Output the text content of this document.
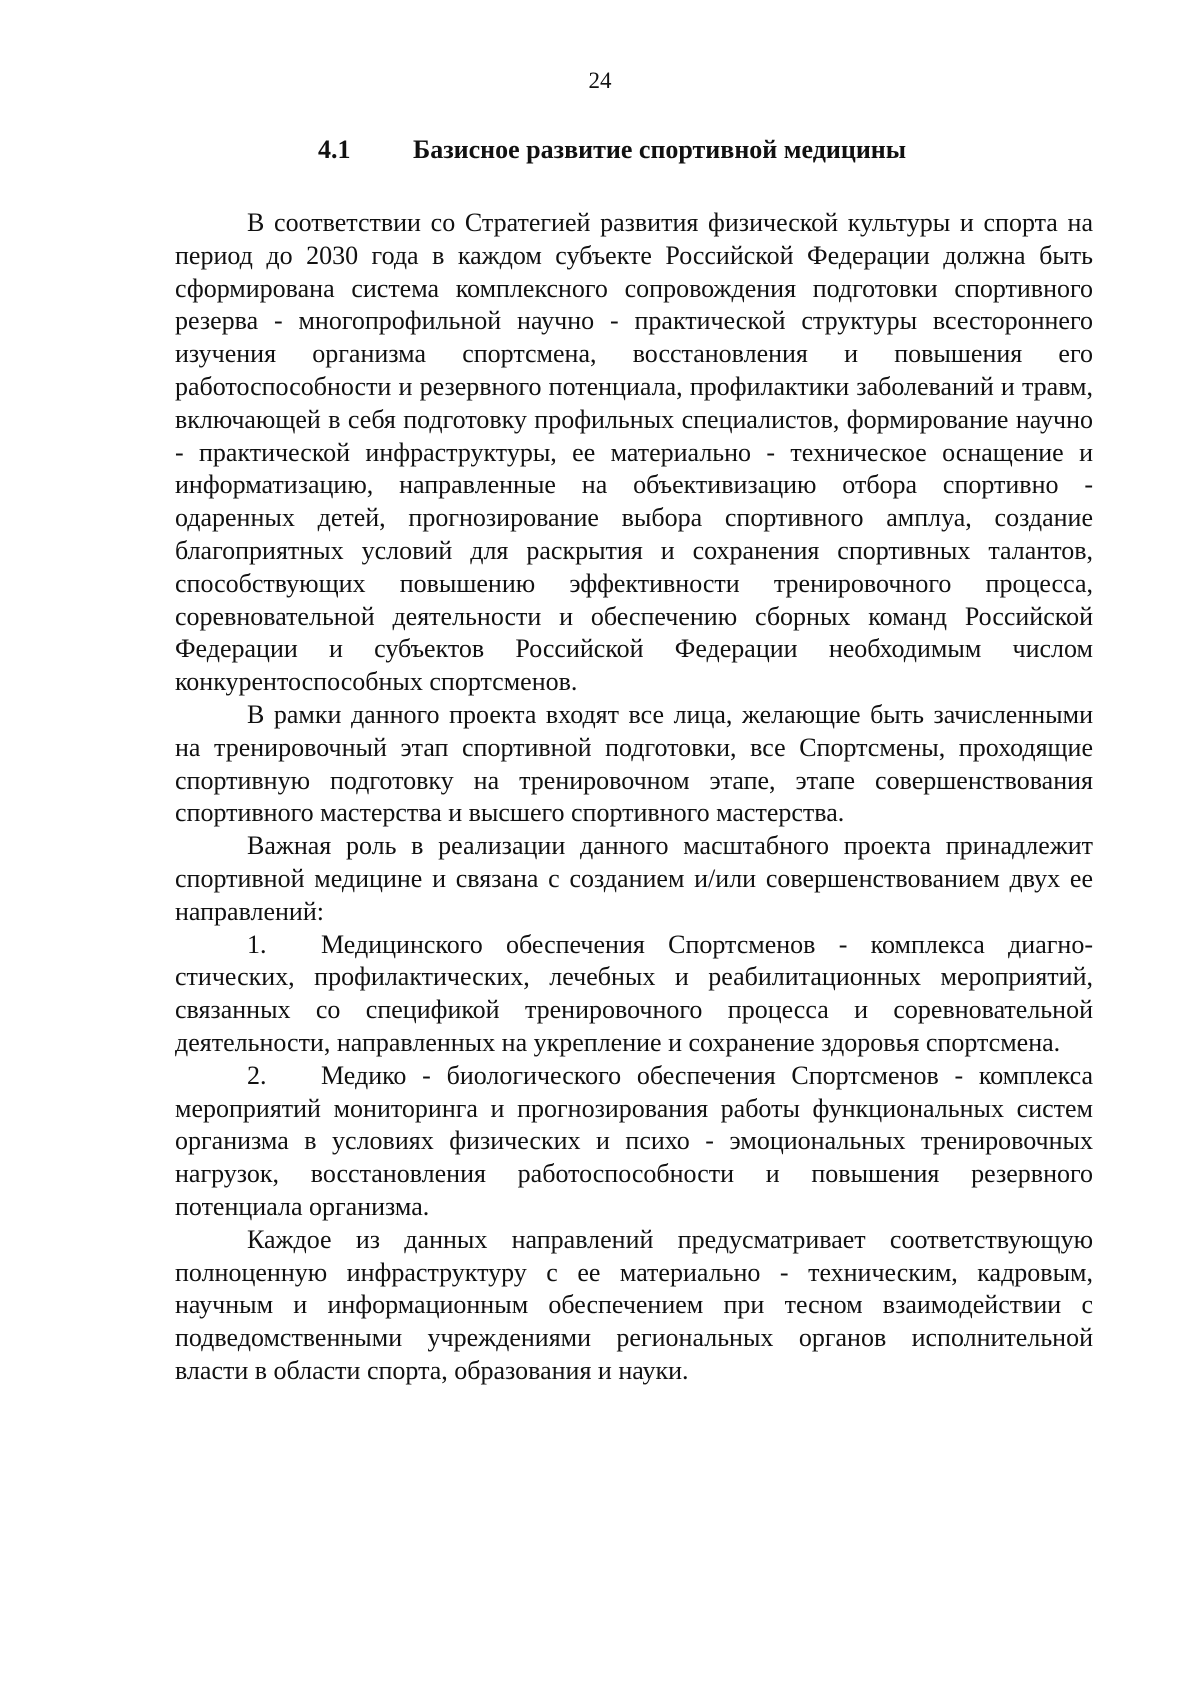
24
4.1 Базисное развитие спортивной медицины

В соответствии со Стратегией развития физической культуры и спорта на период до 2030 года в каждом субъекте Российской Федерации должна быть сформирована система комплексного сопровождения подготовки спортивного резерва - многопрофильной научно - практической структуры всестороннего изучения организма спортсмена, восстановления и повышения его работоспособности и резервного потенциала, профилактики заболеваний и травм, включающей в себя подготовку профильных специалистов, формирование научно - практической инфраструктуры, ее материально - техническое оснащение и информатизацию, направленные на объективизацию отбора спортивно - одаренных детей, прогнозирование выбора спортивного амплуа, создание благоприятных условий для раскрытия и сохранения спортивных талантов, способствующих повышению эффективности тренировочного процесса, соревновательной деятельности и обеспечению сборных команд Российской Федерации и субъектов Российской Федерации необходимым числом конкурентоспособных спортсменов.

В рамки данного проекта входят все лица, желающие быть зачисленными на тренировочный этап спортивной подготовки, все Спортсмены, проходящие спортивную подготовку на тренировочном этапе, этапе совершенствования спортивного мастерства и высшего спортивного мастерства.

Важная роль в реализации данного масштабного проекта принадлежит спортивной медицине и связана с созданием и/или совершенствованием двух ее направлений:

1. Медицинского обеспечения Спортсменов - комплекса диагностических, профилактических, лечебных и реабилитационных мероприятий, связанных со спецификой тренировочного процесса и соревновательной деятельности, направленных на укрепление и сохранение здоровья спортсмена.

2. Медико - биологического обеспечения Спортсменов - комплекса мероприятий мониторинга и прогнозирования работы функциональных систем организма в условиях физических и психо - эмоциональных тренировочных нагрузок, восстановления работоспособности и повышения резервного потенциала организма.

Каждое из данных направлений предусматривает соответствующую полноценную инфраструктуру с ее материально - техническим, кадровым, научным и информационным обеспечением при тесном взаимодействии с подведомственными учреждениями региональных органов исполнительной власти в области спорта, образования и науки.
